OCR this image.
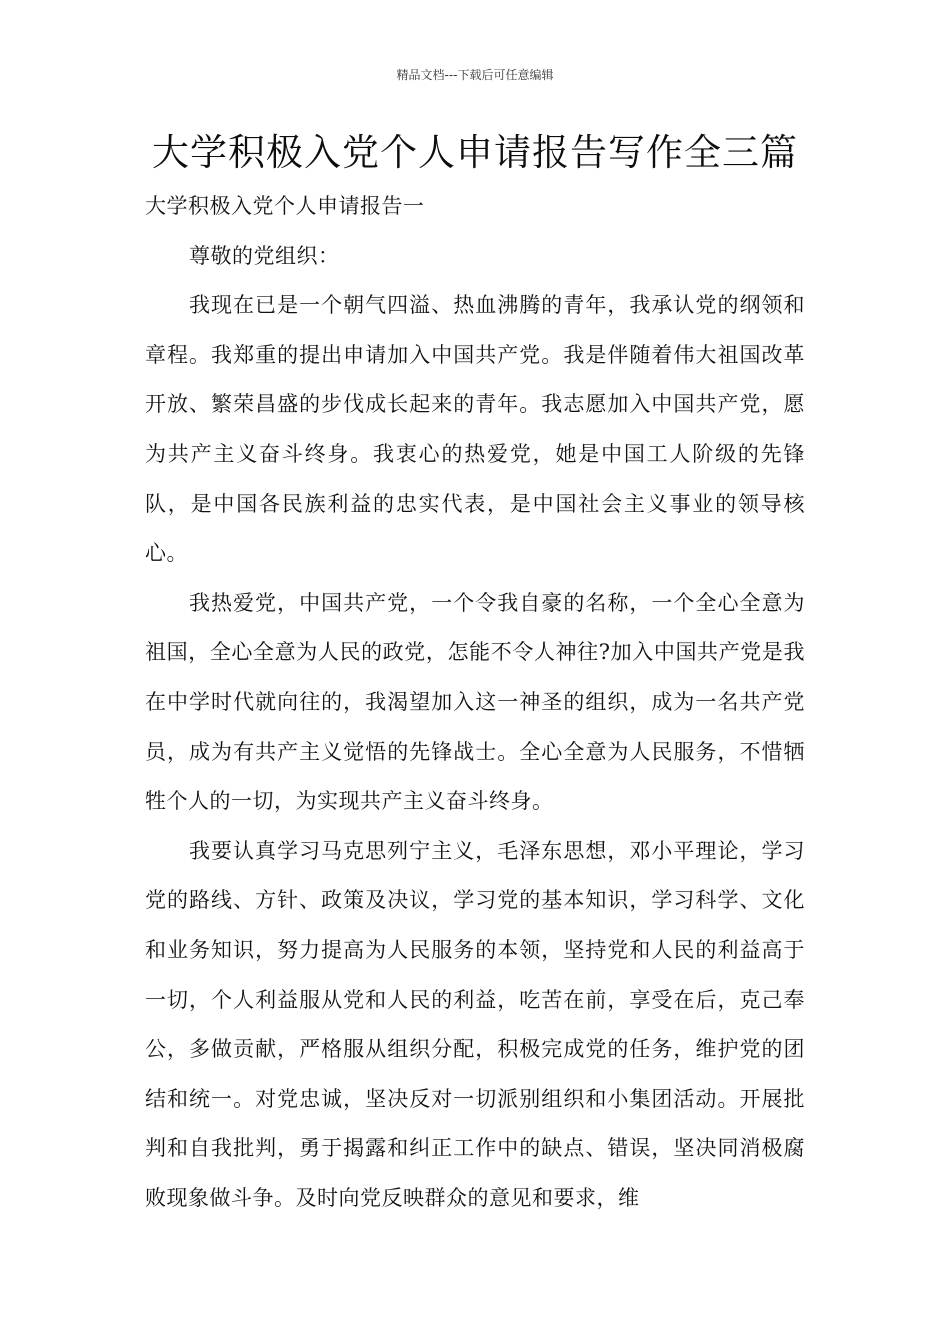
精品文档---下载后可任意编辑
大学积极入党个人申请报告写作全三篇

大学积极入党个人申请报告一

尊敬的党组织：

我现在已是一个朝气四溢、热血沸腾的青年，我承认党的纲领和章程。我郑重的提出申请加入中国共产党。我是伴随着伟大祖国改革开放、繁荣昌盛的步伐成长起来的青年。我志愿加入中国共产党，愿为共产主义奋斗终身。我衷心的热爱党，她是中国工人阶级的先锋队，是中国各民族利益的忠实代表，是中国社会主义事业的领导核心。

我热爱党，中国共产党，一个令我自豪的名称，一个全心全意为祖国，全心全意为人民的政党，怎能不令人神往?加入中国共产党是我在中学时代就向往的，我渴望加入这一神圣的组织，成为一名共产党员，成为有共产主义觉悟的先锋战士。全心全意为人民服务，不惜牺牲个人的一切，为实现共产主义奋斗终身。

我要认真学习马克思列宁主义，毛泽东思想，邓小平理论，学习党的路线、方针、政策及决议，学习党的基本知识，学习科学、文化和业务知识，努力提高为人民服务的本领，坚持党和人民的利益高于一切，个人利益服从党和人民的利益，吃苦在前，享受在后，克己奉公，多做贡献，严格服从组织分配，积极完成党的任务，维护党的团结和统一。对党忠诚，坚决反对一切派别组织和小集团活动。开展批判和自我批判，勇于揭露和纠正工作中的缺点、错误，坚决同消极腐败现象做斗争。及时向党反映群众的意见和要求，维
